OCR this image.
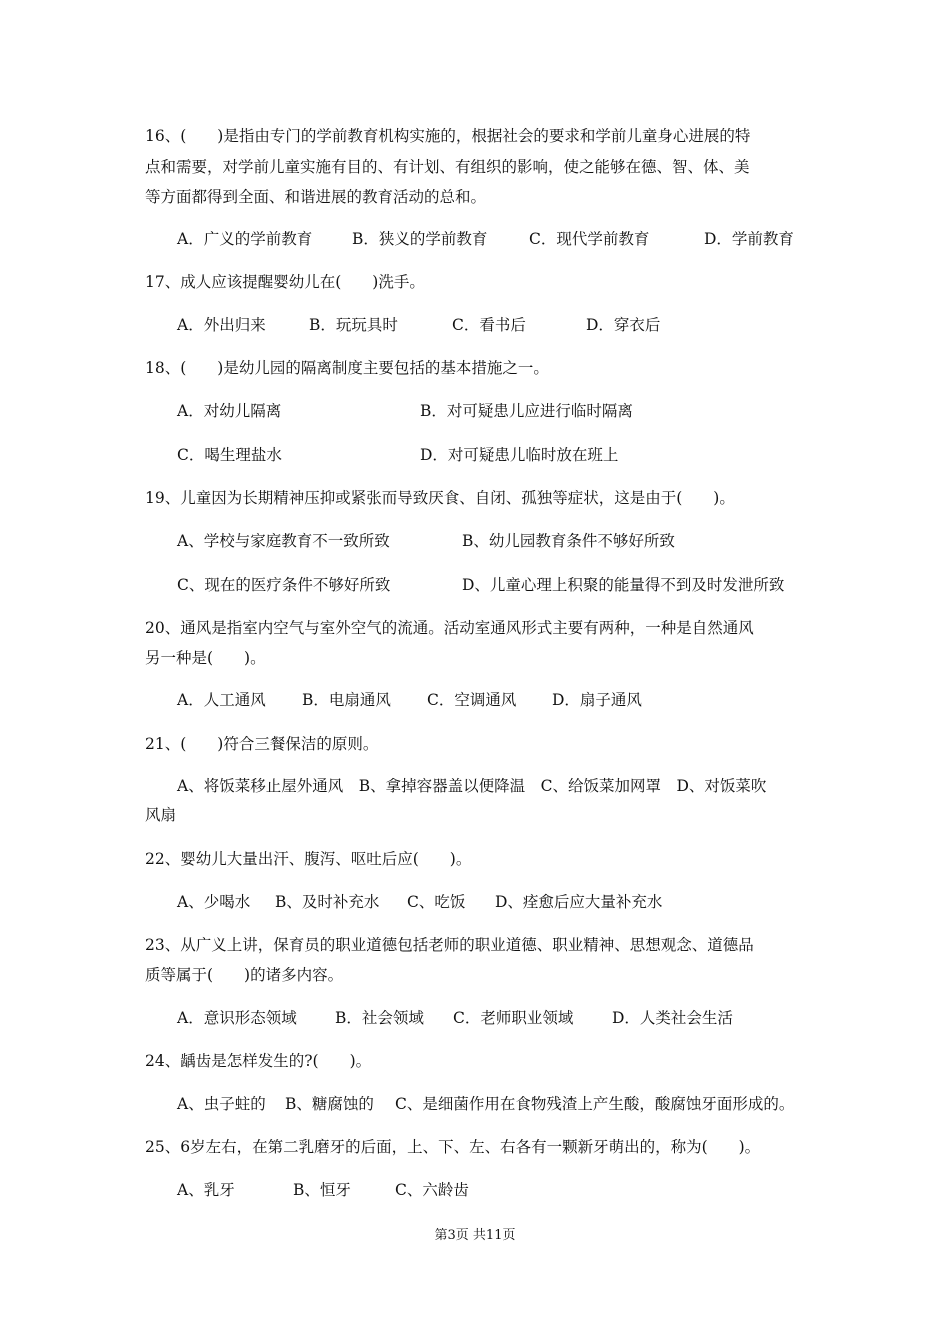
16、(　　)是指由专门的学前教育机构实施的，根据社会的要求和学前儿童身心进展的特
点和需要，对学前儿童实施有目的、有计划、有组织的影响，使之能够在德、智、体、美
等方面都得到全面、和谐进展的教育活动的总和。
A．广义的学前教育	B．狭义的学前教育	C．现代学前教育	D．学前教育
17、成人应该提醒婴幼儿在(　　)洗手。
A．外出归来	B．玩玩具时	C．看书后	D．穿衣后
18、(　　)是幼儿园的隔离制度主要包括的基本措施之一。
A．对幼儿隔离	B．对可疑患儿应进行临时隔离
C．喝生理盐水	D．对可疑患儿临时放在班上
19、儿童因为长期精神压抑或紧张而导致厌食、自闭、孤独等症状，这是由于(　　)。
A、学校与家庭教育不一致所致	B、幼儿园教育条件不够好所致
C、现在的医疗条件不够好所致	D、儿童心理上积聚的能量得不到及时发泄所致
20、通风是指室内空气与室外空气的流通。活动室通风形式主要有两种，一种是自然通风
另一种是(　　)。
A．人工通风 B．电扇通风 C．空调通风 D．扇子通风
21、(　　)符合三餐保洁的原则。
A、将饭菜移止屋外通风　B、拿掉容器盖以便降温　C、给饭菜加网罩　D、对饭菜吹
风扇
22、婴幼儿大量出汗、腹泻、呕吐后应(　　)。
A、少喝水 B、及时补充水 C、吃饭 D、痊愈后应大量补充水
23、从广义上讲，保育员的职业道德包括老师的职业道德、职业精神、思想观念、道德品
质等属于(　　)的诸多内容。
A．意识形态领域 B．社会领域 C．老师职业领域 D．人类社会生活
24、龋齿是怎样发生的?(　　)。
A、虫子蛀的 B、糖腐蚀的 C、是细菌作用在食物残渣上产生酸，酸腐蚀牙面形成的。
25、6岁左右，在第二乳磨牙的后面，上、下、左、右各有一颗新牙萌出的，称为(　　)。
A、乳牙	B、恒牙	C、六龄齿
第3页 共11页
